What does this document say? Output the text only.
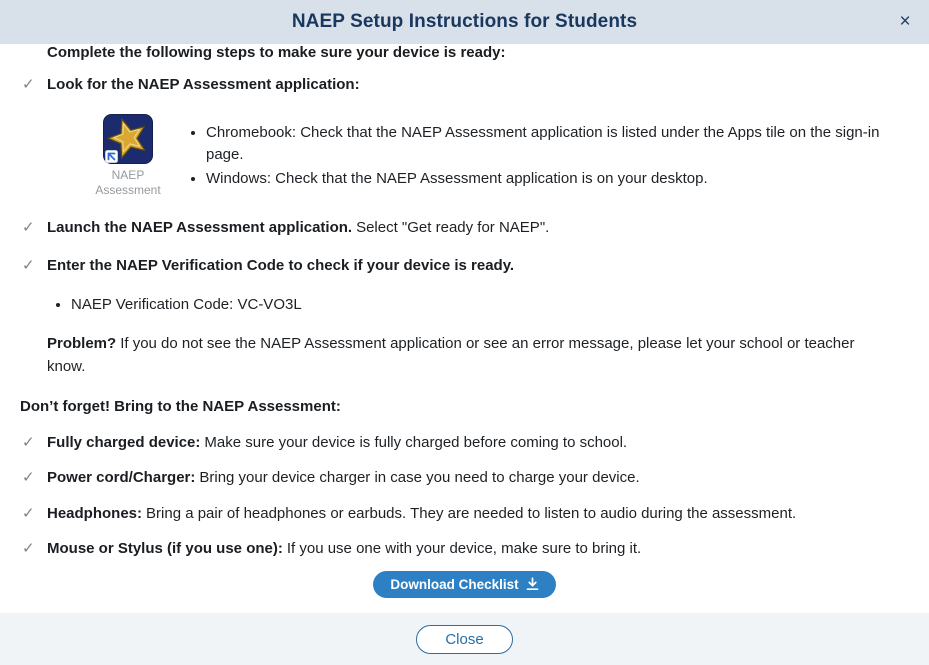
NAEP Setup Instructions for Students	×
Complete the following steps to make sure your device is ready:
✓ Look for the NAEP Assessment application:
NAEP
Assessment
• Chromebook: Check that the NAEP Assessment application is listed under the Apps tile on the sign-in page.
• Windows: Check that the NAEP Assessment application is on your desktop.
✓ Launch the NAEP Assessment application. Select "Get ready for NAEP".
✓ Enter the NAEP Verification Code to check if your device is ready.
• NAEP Verification Code: VC-VO3L

Problem? If you do not see the NAEP Assessment application or see an error message, please let your school or teacher know.

Don’t forget! Bring to the NAEP Assessment:
✓ Fully charged device: Make sure your device is fully charged before coming to school.
✓ Power cord/Charger: Bring your device charger in case you need to charge your device.
✓ Headphones: Bring a pair of headphones or earbuds. They are needed to listen to audio during the assessment.
✓ Mouse or Stylus (if you use one): If you use one with your device, make sure to bring it.
Download Checklist
Close
